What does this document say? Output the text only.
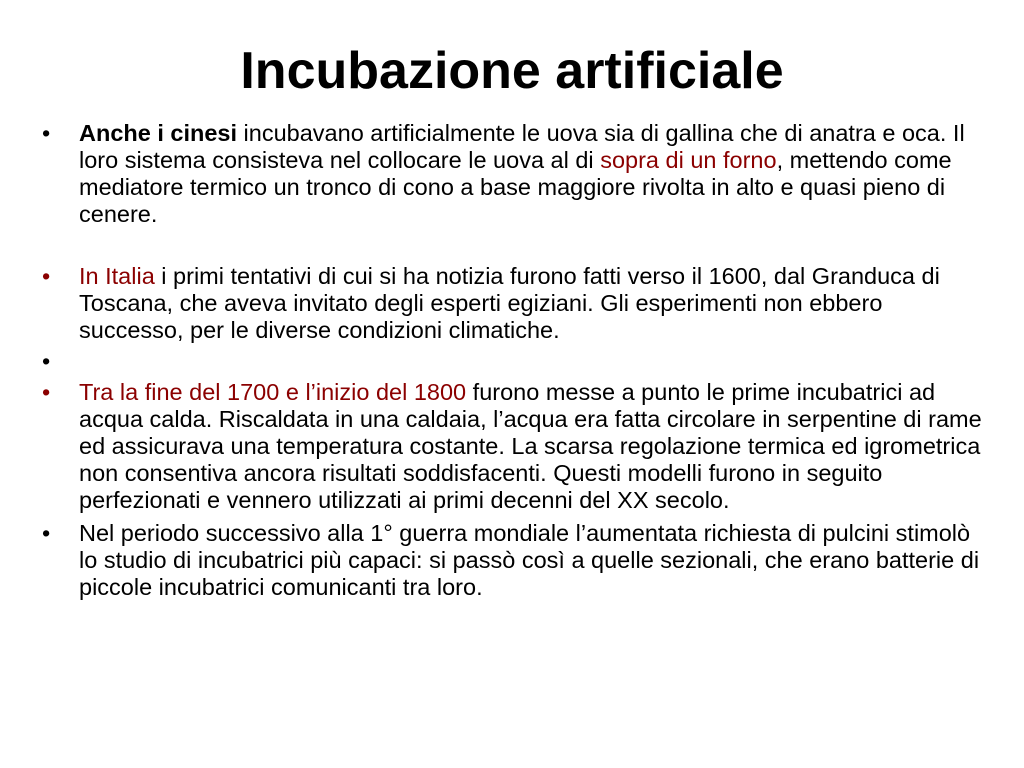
Incubazione artificiale
•	Anche i cinesi incubavano artificialmente le uova sia di gallina che di anatra e oca. Il loro sistema consisteva nel collocare le uova al di sopra di un forno, mettendo come mediatore termico un tronco di cono a base maggiore rivolta in alto e quasi pieno di cenere.
•	In Italia i primi tentativi di cui si ha notizia furono fatti verso il 1600, dal Granduca di Toscana, che aveva invitato degli esperti egiziani. Gli esperimenti non ebbero successo, per le diverse condizioni climatiche.
•
•	Tra la fine del 1700 e l’inizio del 1800 furono messe a punto le prime incubatrici ad acqua calda. Riscaldata in una caldaia, l’acqua era fatta circolare in serpentine di rame ed assicurava una temperatura costante. La scarsa regolazione termica ed igrometrica non consentiva ancora risultati soddisfacenti. Questi modelli furono in seguito perfezionati e vennero utilizzati ai primi decenni del XX secolo.
•	Nel periodo successivo alla 1° guerra mondiale l’aumentata richiesta di pulcini stimolò lo studio di incubatrici più capaci: si passò così a quelle sezionali, che erano batterie di piccole incubatrici comunicanti tra loro.
